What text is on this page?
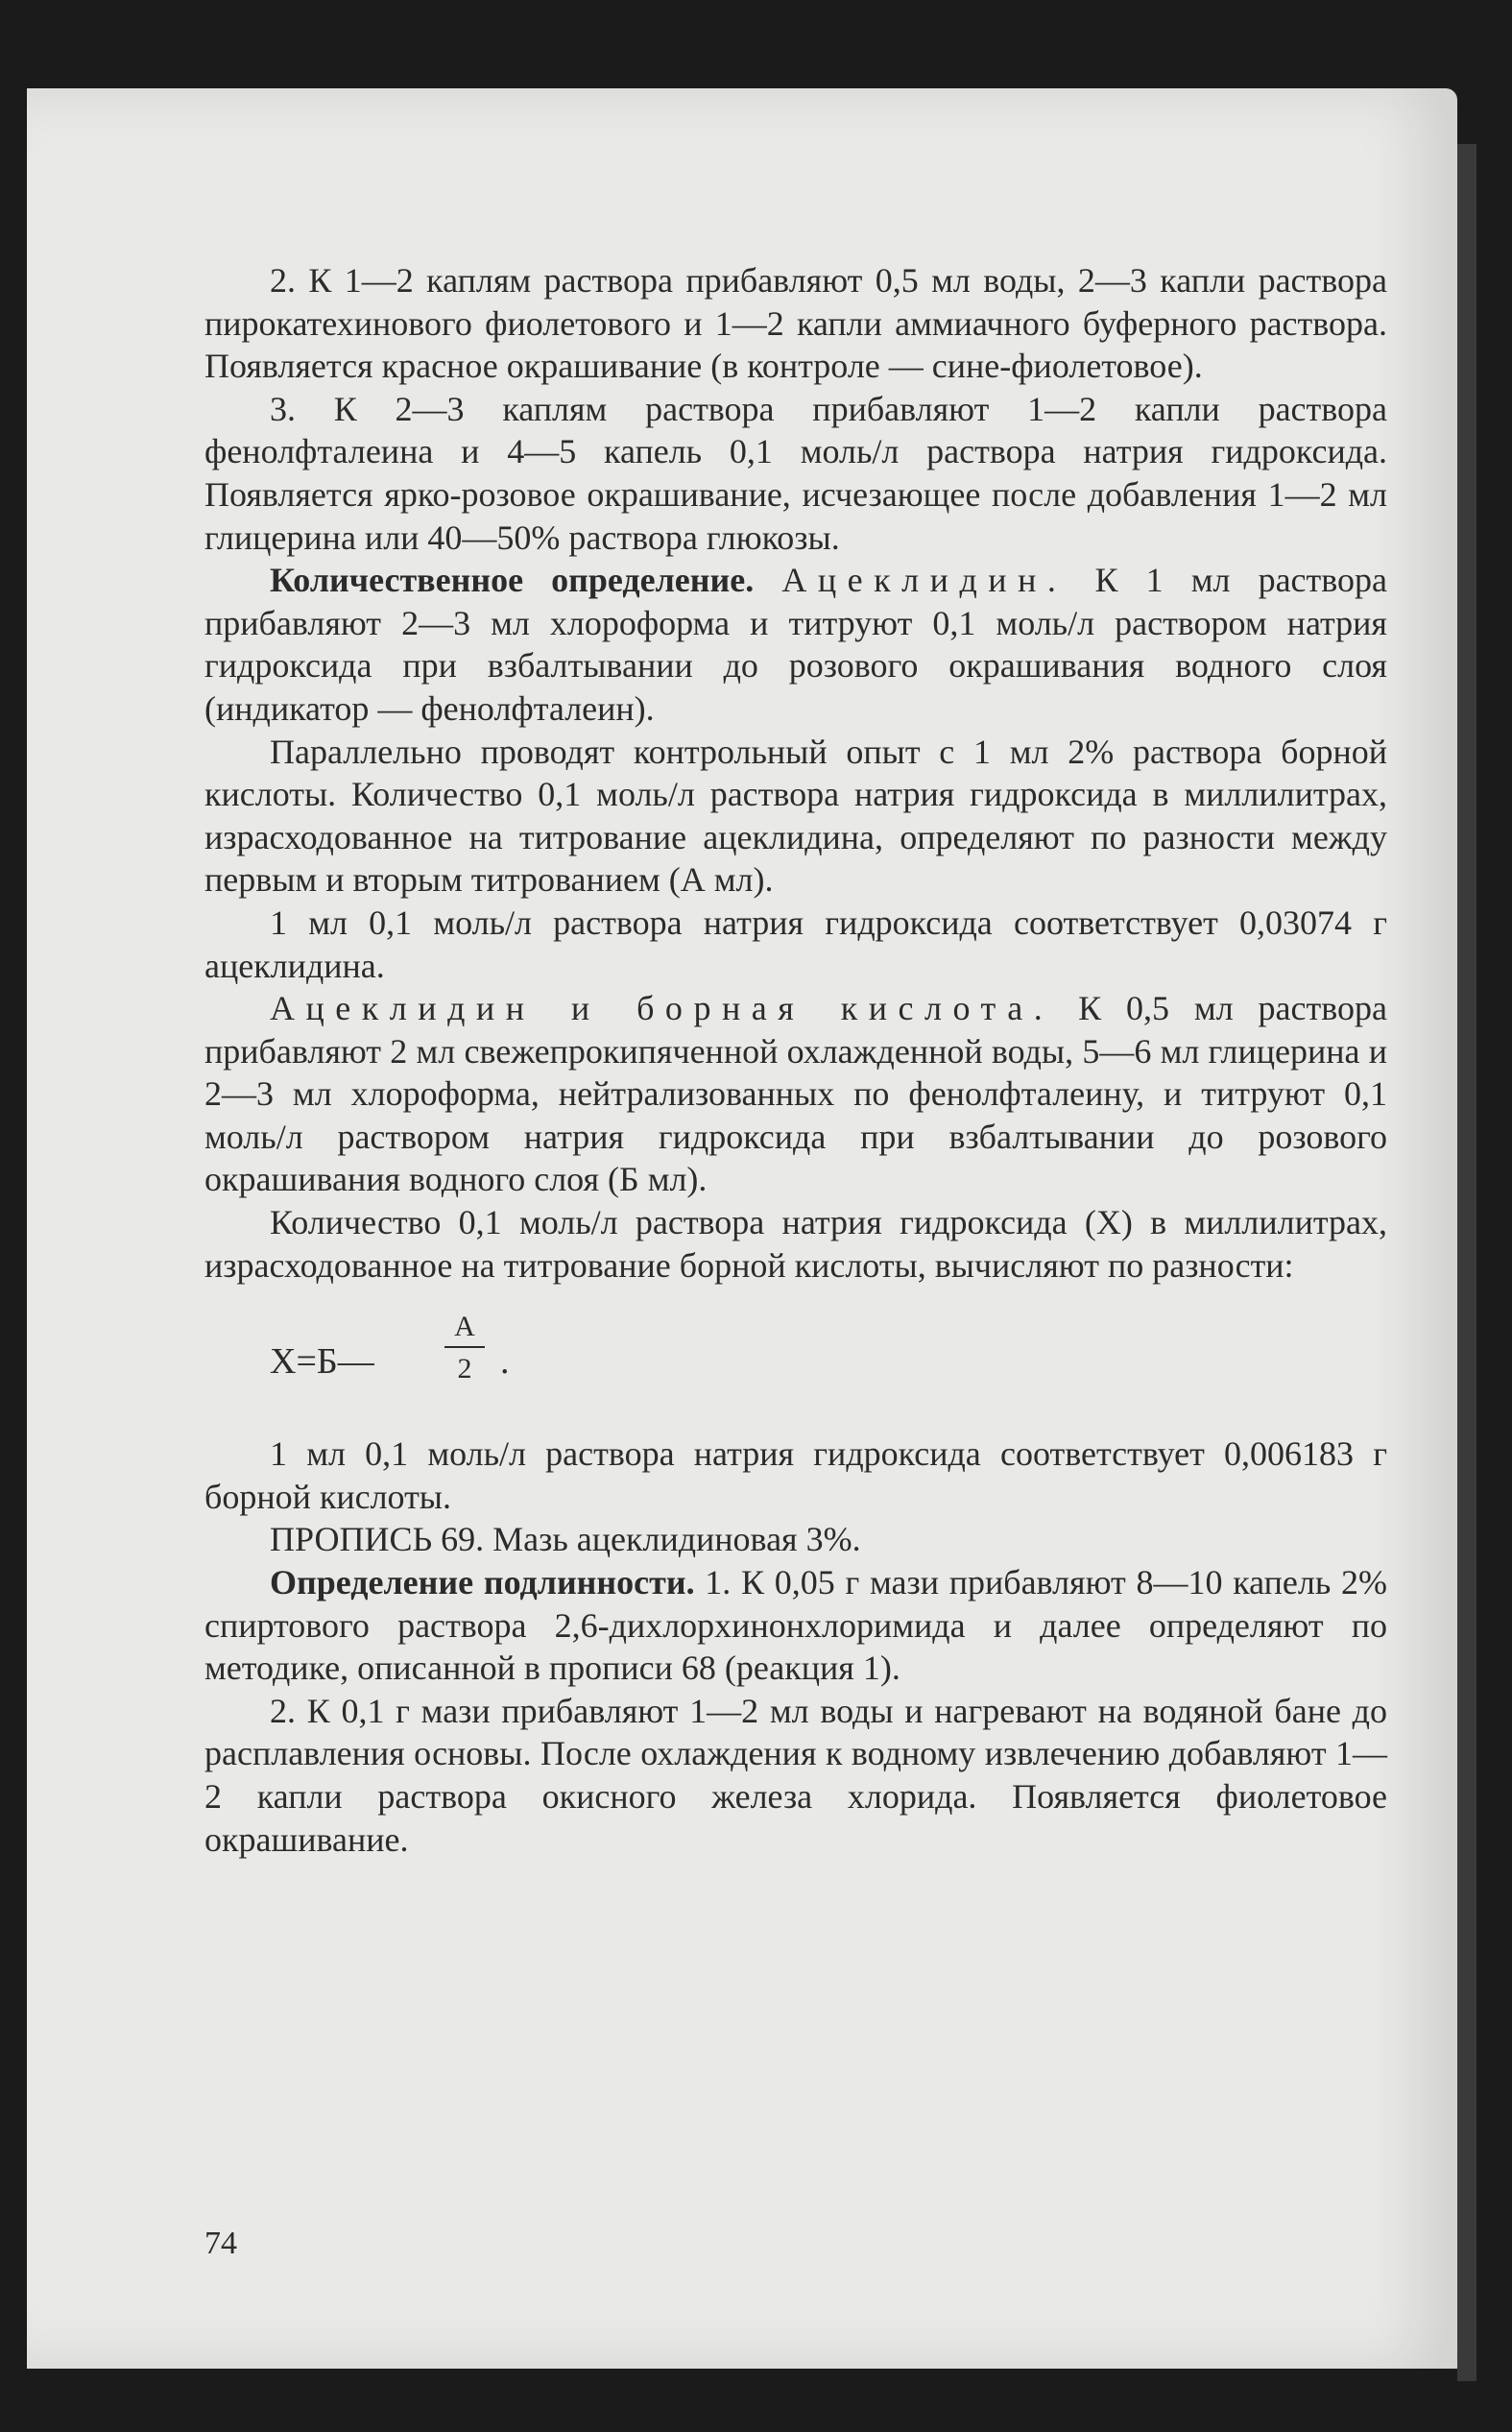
2. К 1—2 каплям раствора прибавляют 0,5 мл воды, 2—3 капли раствора пирокатехинового фиолетового и 1—2 капли аммиачного буферного раствора. Появляется красное окрашивание (в контроле — сине-фиолетовое).

3. К 2—3 каплям раствора прибавляют 1—2 капли раствора фенолфталеина и 4—5 капель 0,1 моль/л раствора натрия гидроксида. Появляется ярко-розовое окрашивание, исчезающее после добавления 1—2 мл глицерина или 40—50% раствора глюкозы.

Количественное определение. Ацеклидин. К 1 мл раствора прибавляют 2—3 мл хлороформа и титруют 0,1 моль/л раствором натрия гидроксида при взбалтывании до розового окрашивания водного слоя (индикатор — фенолфталеин).

Параллельно проводят контрольный опыт с 1 мл 2% раствора борной кислоты. Количество 0,1 моль/л раствора натрия гидроксида в миллилитрах, израсходованное на титрование ацеклидина, определяют по разности между первым и вторым титрованием (А мл).

1 мл 0,1 моль/л раствора натрия гидроксида соответствует 0,03074 г ацеклидина.

Ацеклидин и борная кислота. К 0,5 мл раствора прибавляют 2 мл свежепрокипяченной охлажденной воды, 5—6 мл глицерина и 2—3 мл хлороформа, нейтрализованных по фенолфталеину, и титруют 0,1 моль/л раствором натрия гидроксида при взбалтывании до розового окрашивания водного слоя (Б мл).

Количество 0,1 моль/л раствора натрия гидроксида (X) в миллилитрах, израсходованное на титрование борной кислоты, вычисляют по разности:

X=Б—
А
2 .

1 мл 0,1 моль/л раствора натрия гидроксида соответствует 0,006183 г борной кислоты.

ПРОПИСЬ 69. Мазь ацеклидиновая 3%.

Определение подлинности. 1. К 0,05 г мази прибавляют 8—10 капель 2% спиртового раствора 2,6-дихлорхинонхлоримида и далее определяют по методике, описанной в прописи 68 (реакция 1).

2. К 0,1 г мази прибавляют 1—2 мл воды и нагревают на водяной бане до расплавления основы. После охлаждения к водному извлечению добавляют 1—2 капли раствора окисного железа хлорида. Появляется фиолетовое окрашивание.

74
